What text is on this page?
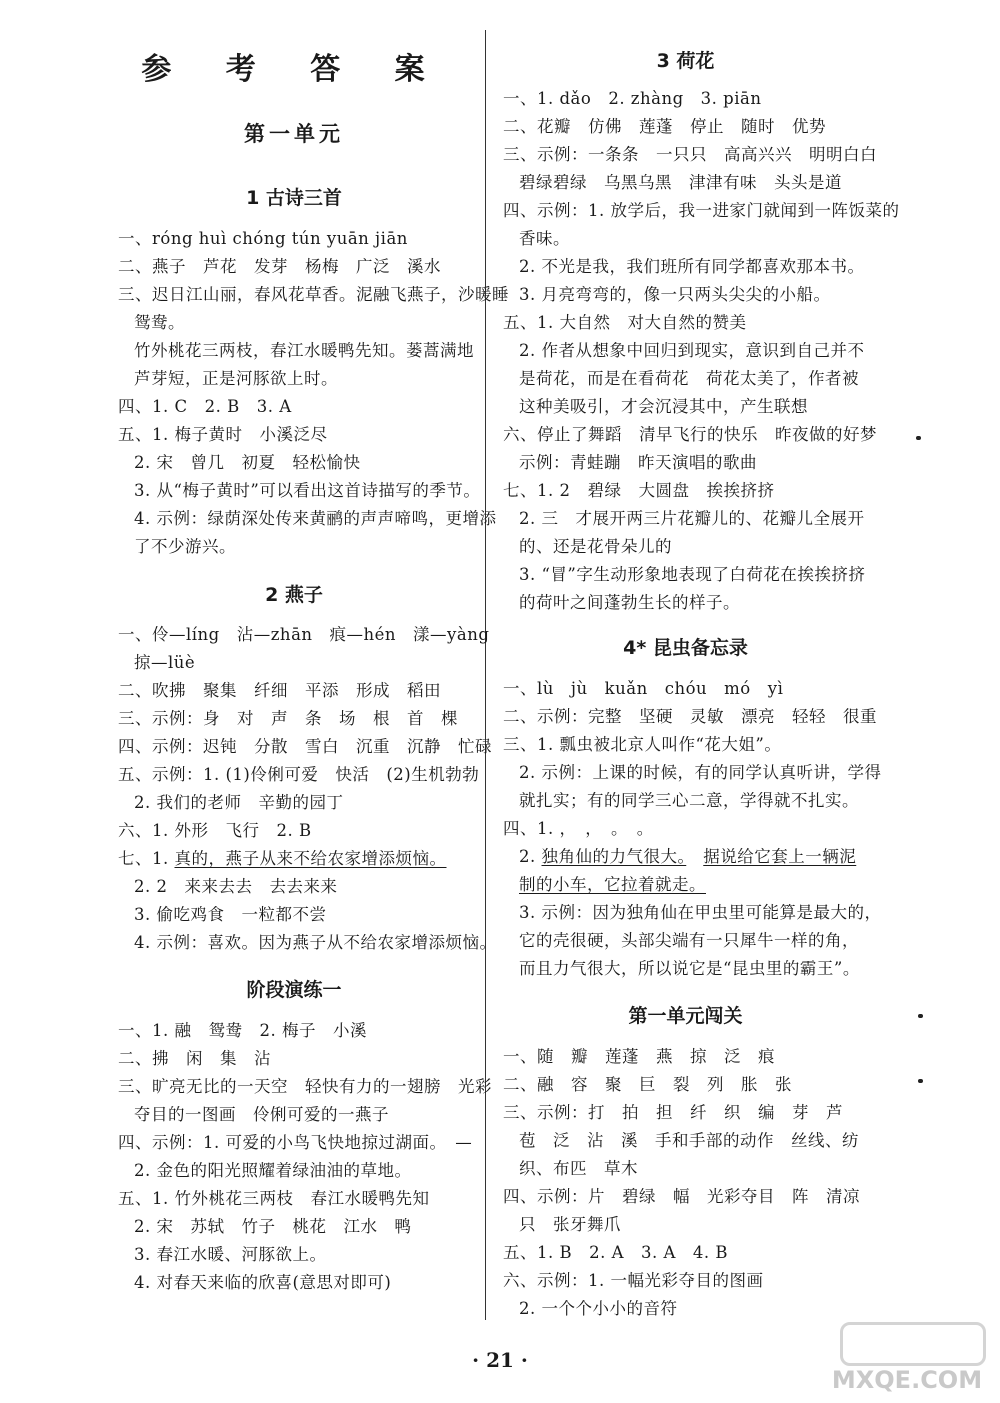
参 考 答 案
第一单元
1 古诗三首
一、róng huì chóng tún yuān jiān
二、燕子　芦花　发芽　杨梅　广泛　溪水
三、迟日江山丽，春风花草香。泥融飞燕子，沙暖睡
鸳鸯。
竹外桃花三两枝，春江水暖鸭先知。蒌蒿满地
芦芽短，正是河豚欲上时。
四、1. C　2. B　3. A
五、1. 梅子黄时　小溪泛尽
2. 宋　曾几　初夏　轻松愉快
3. 从“梅子黄时”可以看出这首诗描写的季节。
4. 示例：绿荫深处传来黄鹂的声声啼鸣，更增添
了不少游兴。
2 燕子
一、伶—líng　沾—zhān　痕—hén　漾—yàng
掠—lüè
二、吹拂　聚集　纤细　平添　形成　稻田
三、示例：身　对　声　条　场　根　首　棵
四、示例：迟钝　分散　雪白　沉重　沉静　忙碌
五、示例：1. (1)伶俐可爱　快活　(2)生机勃勃
2. 我们的老师　辛勤的园丁
六、1. 外形　飞行　2. B
七、1. 真的，燕子从来不给农家增添烦恼。
2. 2　来来去去　去去来来
3. 偷吃鸡食　一粒都不尝
4. 示例：喜欢。因为燕子从不给农家增添烦恼。
阶段演练一
一、1. 融　鸳鸯　2. 梅子　小溪
二、拂　闲　集　沾
三、旷亮无比的一天空　轻快有力的一翅膀　光彩
夺目的一图画　伶俐可爱的一燕子
四、示例：1. 可爱的小鸟飞快地掠过湖面。　—
2. 金色的阳光照耀着绿油油的草地。
五、1. 竹外桃花三两枝　春江水暖鸭先知
2. 宋　苏轼　竹子　桃花　江水　鸭
3. 春江水暖、河豚欲上。
4. 对春天来临的欣喜(意思对即可)
3 荷花
一、1. dǎo　2. zhàng　3. piān
二、花瓣　仿佛　莲蓬　停止　随时　优势
三、示例：一条条　一只只　高高兴兴　明明白白
碧绿碧绿　乌黑乌黑　津津有味　头头是道
四、示例：1. 放学后，我一进家门就闻到一阵饭菜的
香味。
2. 不光是我，我们班所有同学都喜欢那本书。
3. 月亮弯弯的，像一只两头尖尖的小船。
五、1. 大自然　对大自然的赞美
2. 作者从想象中回归到现实，意识到自己并不
是荷花，而是在看荷花　荷花太美了，作者被
这种美吸引，才会沉浸其中，产生联想
六、停止了舞蹈　清早飞行的快乐　昨夜做的好梦
示例：青蛙蹦　昨天演唱的歌曲
七、1. 2　碧绿　大圆盘　挨挨挤挤
2. 三　才展开两三片花瓣儿的、花瓣儿全展开
的、还是花骨朵儿的
3. “冒”字生动形象地表现了白荷花在挨挨挤挤
的荷叶之间蓬勃生长的样子。
4* 昆虫备忘录
一、lù　jù　kuǎn　chóu　mó　yì
二、示例：完整　坚硬　灵敏　漂亮　轻轻　很重
三、1. 瓢虫被北京人叫作“花大姐”。
2. 示例：上课的时候，有的同学认真听讲，学得
就扎实；有的同学三心二意，学得就不扎实。
四、1. ，　，　。　。
2. 独角仙的力气很大。　 据说给它套上一辆泥
制的小车，它拉着就走。
3. 示例：因为独角仙在甲虫里可能算是最大的，
它的壳很硬，头部尖端有一只犀牛一样的角，
而且力气很大，所以说它是“昆虫里的霸王”。
第一单元闯关
一、随　瓣　莲蓬　燕　掠　泛　痕
二、融　容　聚　巨　裂　列　胀　张
三、示例：打　拍　担　纤　织　编　芽　芦
苞　泛　沾　溪　手和手部的动作　丝线、纺
织、布匹　草木
四、示例：片　碧绿　幅　光彩夺目　阵　清凉
只　张牙舞爪
五、1. B　2. A　3. A　4. B
六、示例：1. 一幅光彩夺目的图画
2. 一个个小小的音符
· 21 ·
MXQE.COM
